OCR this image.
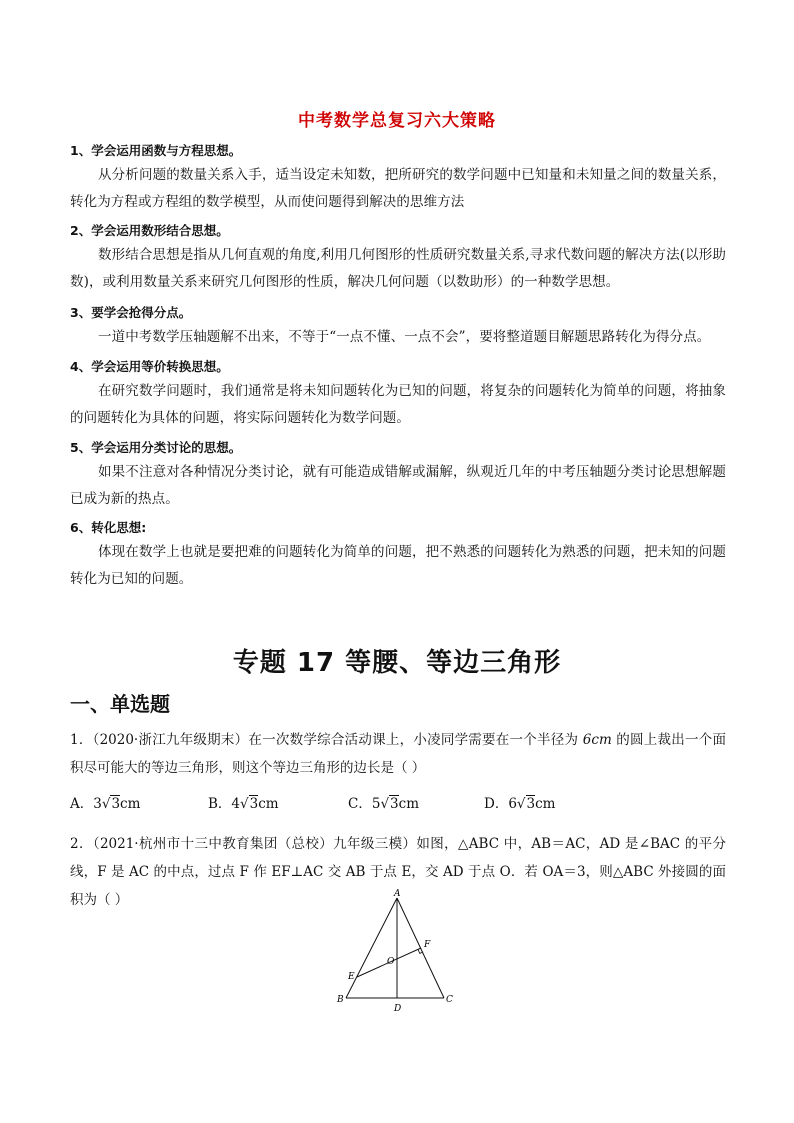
中考数学总复习六大策略

1、学会运用函数与方程思想。

从分析问题的数量关系入手，适当设定未知数，把所研究的数学问题中已知量和未知量之间的数量关系，转化为方程或方程组的数学模型，从而使问题得到解决的思维方法

2、学会运用数形结合思想。

数形结合思想是指从几何直观的角度,利用几何图形的性质研究数量关系,寻求代数问题的解决方法(以形助数)，或利用数量关系来研究几何图形的性质，解决几何问题（以数助形）的一种数学思想。

3、要学会抢得分点。

一道中考数学压轴题解不出来，不等于“一点不懂、一点不会”，要将整道题目解题思路转化为得分点。

4、学会运用等价转换思想。

在研究数学问题时，我们通常是将未知问题转化为已知的问题，将复杂的问题转化为简单的问题，将抽象的问题转化为具体的问题，将实际问题转化为数学问题。

5、学会运用分类讨论的思想。

如果不注意对各种情况分类讨论，就有可能造成错解或漏解，纵观近几年的中考压轴题分类讨论思想解题已成为新的热点。

6、转化思想:

体现在数学上也就是要把难的问题转化为简单的问题，把不熟悉的问题转化为熟悉的问题，把未知的问题转化为已知的问题。

专题 17 等腰、等边三角形
一、单选题

1．（2020·浙江九年级期末）在一次数学综合活动课上，小凌同学需要在一个半径为 6cm 的圆上裁出一个面积尽可能大的等边三角形，则这个等边三角形的边长是（ ）

A．3√3cm	B．4√3cm	C．5√3cm	D．6√3cm

2．（2021·杭州市十三中教育集团（总校）九年级三模）如图，△ABC 中，AB＝AC，AD 是∠BAC 的平分线，F 是 AC 的中点，过点 F 作 EF⊥AC 交 AB 于点 E，交 AD 于点 O．若 OA＝3，则△ABC 外接圆的面积为（ ）	A
B	C
D
E
F
O
